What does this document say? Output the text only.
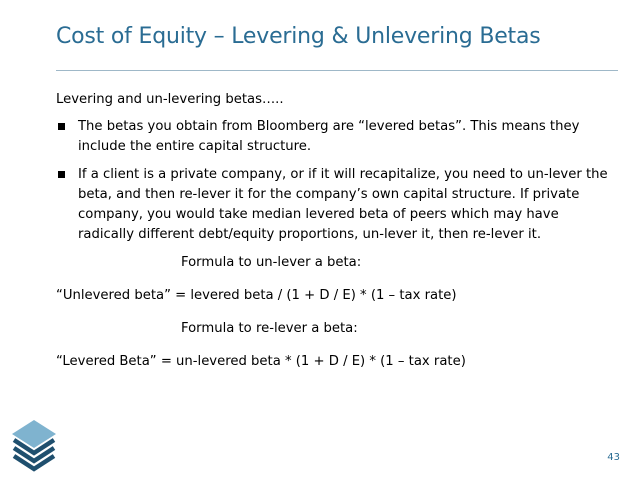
Cost of Equity – Levering & Unlevering Betas

Levering and un-levering betas…..

The betas you obtain from Bloomberg are “levered betas”. This means they include the entire capital structure.
If a client is a private company, or if it will recapitalize, you need to un-lever the beta, and then re-lever it for the company’s own capital structure. If private company, you would take median levered beta of peers which may have radically different debt/equity proportions, un-lever it, then re-lever it.

Formula to un-lever a beta:

“Unlevered beta” = levered beta / (1 + D / E) * (1 – tax rate)

Formula to re-lever a beta:

“Levered Beta” = un-levered beta * (1 + D / E) * (1 – tax rate)

43
